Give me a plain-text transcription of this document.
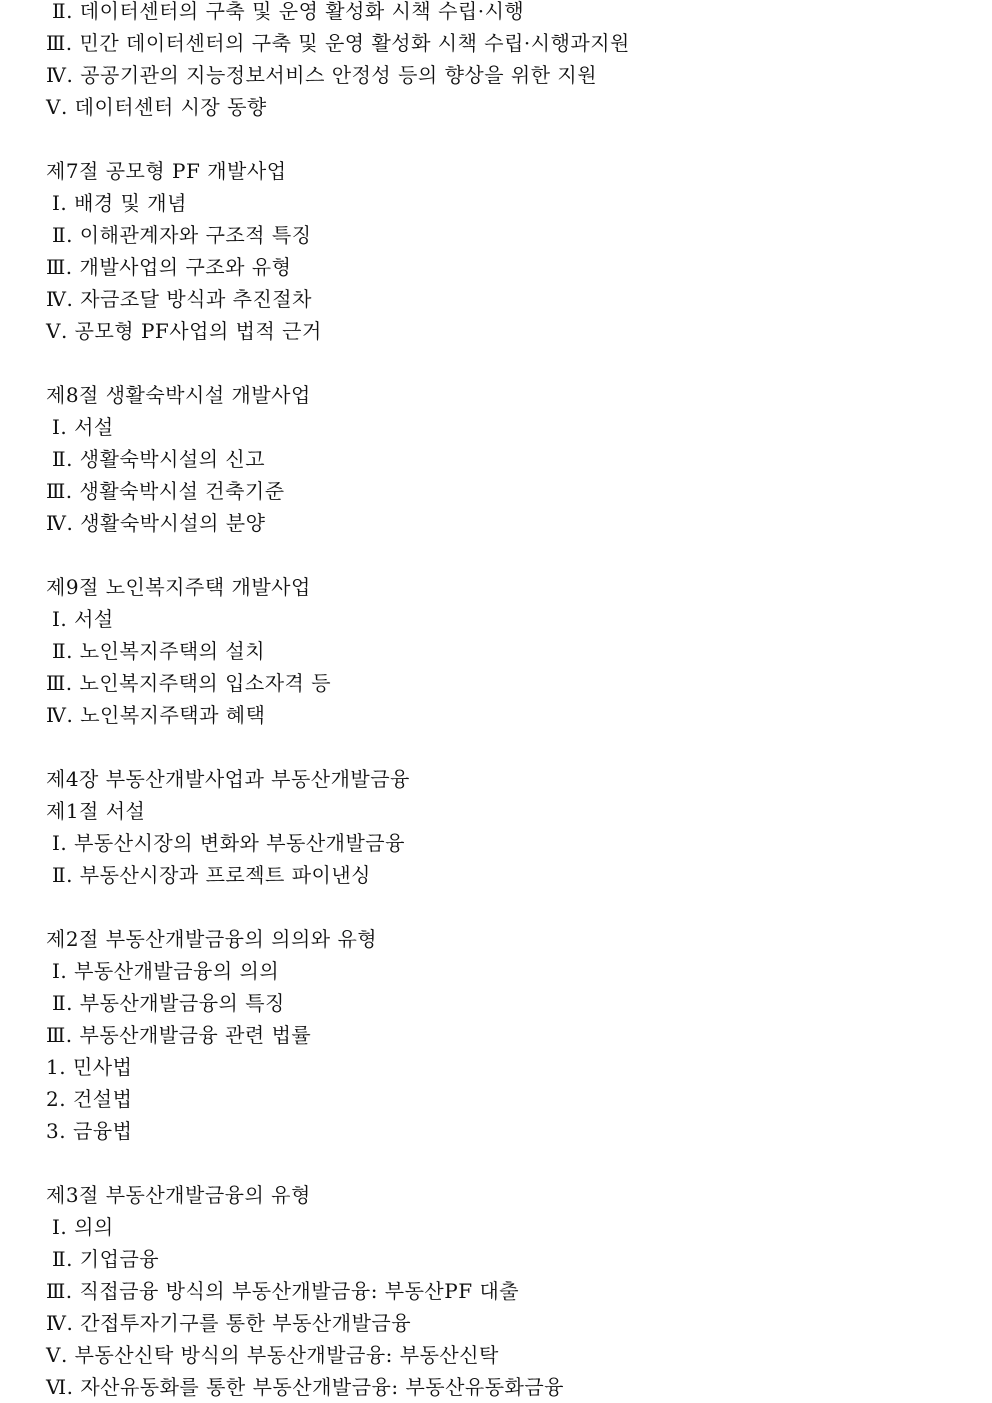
Ⅱ. 데이터센터의 구축 및 운영 활성화 시책 수립·시행
Ⅲ. 민간 데이터센터의 구축 및 운영 활성화 시책 수립·시행과지원
Ⅳ. 공공기관의 지능정보서비스 안정성 등의 향상을 위한 지원
Ⅴ. 데이터센터 시장 동향
제7절 공모형 PF 개발사업
Ⅰ. 배경 및 개념
Ⅱ. 이해관계자와 구조적 특징
Ⅲ. 개발사업의 구조와 유형
Ⅳ. 자금조달 방식과 추진절차
Ⅴ. 공모형 PF사업의 법적 근거
제8절 생활숙박시설 개발사업
Ⅰ. 서설
Ⅱ. 생활숙박시설의 신고
Ⅲ. 생활숙박시설 건축기준
Ⅳ. 생활숙박시설의 분양
제9절 노인복지주택 개발사업
Ⅰ. 서설
Ⅱ. 노인복지주택의 설치
Ⅲ. 노인복지주택의 입소자격 등
Ⅳ. 노인복지주택과 혜택
제4장 부동산개발사업과 부동산개발금융
제1절 서설
Ⅰ. 부동산시장의 변화와 부동산개발금융
Ⅱ. 부동산시장과 프로젝트 파이낸싱
제2절 부동산개발금융의 의의와 유형
Ⅰ. 부동산개발금융의 의의
Ⅱ. 부동산개발금융의 특징
Ⅲ. 부동산개발금융 관련 법률
1. 민사법
2. 건설법
3. 금융법
제3절 부동산개발금융의 유형
Ⅰ. 의의
Ⅱ. 기업금융
Ⅲ. 직접금융 방식의 부동산개발금융: 부동산PF 대출
Ⅳ. 간접투자기구를 통한 부동산개발금융
Ⅴ. 부동산신탁 방식의 부동산개발금융: 부동산신탁
Ⅵ. 자산유동화를 통한 부동산개발금융: 부동산유동화금융
